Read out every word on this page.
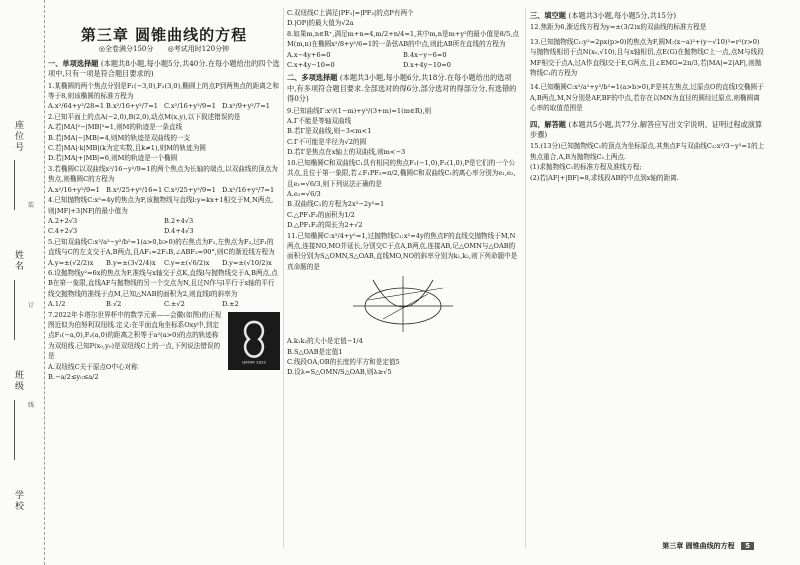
座位号
姓名
班级
学校
装
订
线
第三章 圆锥曲线的方程
◎全卷满分150分 ◎考试用时120分钟
一、单项选择题 (本题共8小题,每小题5分,共40分.在每小题给出的四个选项中,只有一项是符合题目要求的)

1.某椭圆的两个焦点分别是F₁(−3,0),F₂(3,0),椭圆上的点P到两焦点的距离之和等于8,则该椭圆的标准方程为

A.x²/64+y²/28=1 B.x²/16+y²/7=1 C.x²/16+y²/9=1 D.x²/9+y²/7=1

2.已知平面上的点A(−2,0),B(2,0),动点M(x,y),以下叙述错误的是

A.若|MA|²−|MB|²=1,则M的轨迹是一条直线
B.若|MA|−|MB|=4,则M的轨迹是双曲线的一支
C.若|MA|·k|MB|(k为定实数,且k≠1),则M的轨迹为圆
D.若|MA|+|MB|=6,则M的轨迹是一个椭圆

3.若椭圆C以双曲线x²/16−y²/9=1的两个焦点为长轴的端点,以双曲线的顶点为焦点,则椭圆C的方程为

A.x²/16+y²/9=1 B.x²/25+y²/16=1 C.x²/25+y²/9=1 D.x²/16+y²/7=1

4.已知抛物线C:x²=4y的焦点为F,该抛物线与直线l:y=kx+1相交于M,N两点,则|MF|+3|NF|的最小值为

A.2+2√3	B.2+4√3
C.4+2√3	D.4+4√3

5.已知双曲线C:x²/a²−y²/b²=1(a>0,b>0)的右焦点为F₁,左焦点为F₂,过F₁的直线与C的左支交于A,B两点,且AF₁=2F₁B,∠ABF₂=90°,则C的渐近线方程为

A.y=±(√2/2)x	B.y=±(3√2/4)x	C.y=±(√6/2)x	D.y=±(√10/2)x

6.设抛物线y²=6x的焦点为F,准线与x轴交于点K,直线l与抛物线交于A,B两点,点B在第一象限,直线AF与抛物线的另一个交点为N,且过N作与l平行于x轴的平行线交抛物线的准线于点M,已知△NAB的面积为2,则直线l的斜率为

A.1/2	B.√2	C.±√2	D.±2
QATAR 2022

7.2022年卡塔尔世界杯中的数学元素——会徽(如图)的正视图近似为伯努利双纽线.定义:在平面直角坐标系Oxy中,到定点F₁(−a,0),F₂(a,0)的距离之积等于a²(a>0)的点的轨迹称为双纽线.已知P(x₀,y₀)是双纽线C上的一点,下列说法错误的是

A.双纽线C关于原点O中心对称
B.−a/2≤y₀≤a/2

C.双纽线C上满足|PF₁|=|PF₂|的点P有两个

D.|OP|的最大值为√2a

8.如果m,n∈R⁺,满足m+n=4,m/2+n/4=1,其中m,n是m+y²的最小值是8/5,点M(m,n)在椭圆x²/8+y²/6=1的一条弦AB的中点,则此AB所在直线的方程为

A.x−4y+6=0	B.4x−y−6=0
C.x+4y−10=0	D.x+4y−10=0
二、多项选择题 (本题共3小题,每小题6分,共18分.在每小题给出的选项中,有多项符合题目要求.全部选对的得6分,部分选对的得部分分,有选错的得0分)

9.已知曲线Γ:x²/(1−m)+y²/(3+m)=1(m∈R),则

A.Γ不能是等轴双曲线
B.若Γ是双曲线,则−3<m<1
C.Γ不可能是半径为√2的圆
D.若Γ是焦点在x轴上的双曲线,则m<−3

10.已知椭圆C和双曲线C₁具有相同的焦点F₁(−1,0),F₂(1,0),P是它们的一个公共点,且位于第一象限,若∠F₁PF₂=π/2,椭圆C和双曲线C₁的离心率分别为e₁,e₂,且e₁=√6/3,则下列说法正确的是

A.e₂=√6/3
B.双曲线C₁的方程为2x²−2y²=1
C.△PF₁F₂的面积为1/2
D.△PF₁F₂的周长为2+√2

11.已知椭圆C:x²/4+y²=1,过抛物线C₁:x²=4y的焦点F的直线交抛物线于M,N两点,连接NO,MO并延长,分别交C于点A,B两点,连接AB,记△OMN与△OAB的面积分别为S△OMN,S△OAB,直线MO,NO的斜率分别为k₁,k₂,则下列命题中是真命题的是

A.k₁k₂的大小是定值−1/4
B.S△OAB是定值1
C.线段OA,OB的长度的平方和是定值5
D.设λ=S△OMN/S△OAB,则λ≥√5
三、填空题 (本题共3小题,每小题5分,共15分)

12.焦距为6,渐近线方程为y=±(3/2)x的双曲线的标准方程是

13.已知抛物线C₁:y²=2px(p>0)的焦点为F,圆M:(x−a)²+(y−√10)²=r²(r>0)与抛物线相切于点N(x₀,√10),且与x轴相切,点E(G)在抛物线C上一点,点M与线段MF相交于点A,过A作直线l交于E,G两点,且∠EMG=2π/3,若|MA|=2|AF|,则抛物线C₁的方程为

14.已知椭圆C:x²/a²+y²/b²=1(a>b>0),F是其左焦点,过原点O的直线l交椭圆于A,B两点,M,N分别是AF,BF的中点,若存在以MN为直径的圆经过原点,则椭圆离心率的取值范围是

四、解答题 (本题共5小题,共77分.解答应写出文字说明、证明过程或演算步骤)

15.(13分)已知抛物线C₁的顶点为坐标原点,其焦点F与双曲线C₂:x²/3−y²=1的上焦点重合,A,B为抛物线C₁上两点.

(1)求抛物线C₁的标准方程及准线方程;

(2)若|AF|+|BF|=8,求线段AB的中点到x轴的距离.

第三章 圆锥曲线的方程 5
